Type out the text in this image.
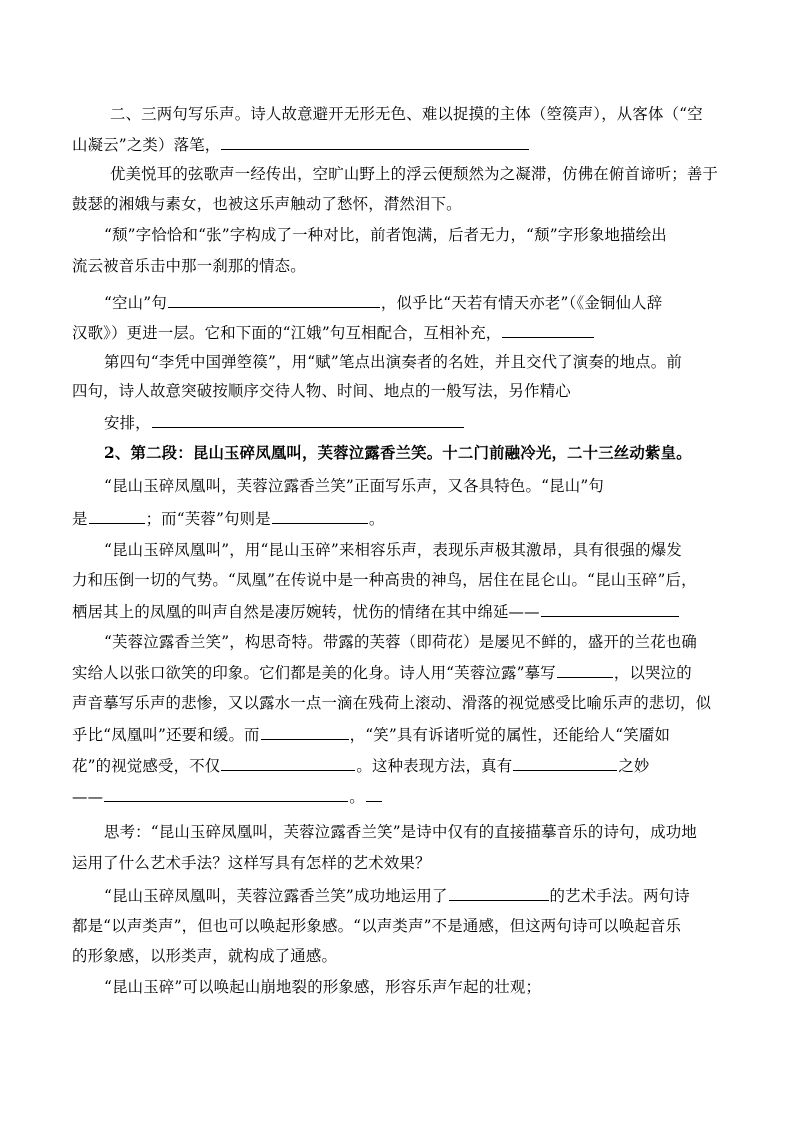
二、三两句写乐声。诗人故意避开无形无色、难以捉摸的主体（箜篌声），从客体（“空
山凝云”之类）落笔，
优美悦耳的弦歌声一经传出，空旷山野上的浮云便颓然为之凝滞，仿佛在俯首谛听；善于
鼓瑟的湘娥与素女，也被这乐声触动了愁怀，潸然泪下。
“颓”字恰恰和“张”字构成了一种对比，前者饱满，后者无力，“颓”字形象地描绘出
流云被音乐击中那一刹那的情态。
“空山”句	，似乎比“天若有情天亦老”（《金铜仙人辞
汉歌》）更进一层。它和下面的“江娥”句互相配合，互相补充，
第四句“李凭中国弹箜篌”，用“赋”笔点出演奏者的名姓，并且交代了演奏的地点。前
四句，诗人故意突破按顺序交待人物、时间、地点的一般写法，另作精心
安排，
2、第二段：昆山玉碎凤凰叫，芙蓉泣露香兰笑。十二门前融冷光，二十三丝动紫皇。
“昆山玉碎凤凰叫，芙蓉泣露香兰笑”正面写乐声，又各具特色。“昆山”句
是	；而“芙蓉”句则是	。
“昆山玉碎凤凰叫”，用“昆山玉碎”来相容乐声，表现乐声极其激昂，具有很强的爆发
力和压倒一切的气势。“凤凰”在传说中是一种高贵的神鸟，居住在昆仑山。“昆山玉碎”后，
栖居其上的凤凰的叫声自然是凄厉婉转，忧伤的情绪在其中绵延——
“芙蓉泣露香兰笑”，构思奇特。带露的芙蓉（即荷花）是屡见不鲜的，盛开的兰花也确
实给人以张口欲笑的印象。它们都是美的化身。诗人用“芙蓉泣露”摹写	，以哭泣的
声音摹写乐声的悲惨，又以露水一点一滴在残荷上滚动、滑落的视觉感受比喻乐声的悲切，似
乎比“凤凰叫”还要和缓。而	，“笑”具有诉诸听觉的属性，还能给人“笑靥如
花”的视觉感受，不仅	。这种表现方法，真有	之妙
——	。
思考：“昆山玉碎凤凰叫，芙蓉泣露香兰笑”是诗中仅有的直接描摹音乐的诗句，成功地
运用了什么艺术手法？这样写具有怎样的艺术效果？
“昆山玉碎凤凰叫，芙蓉泣露香兰笑”成功地运用了	的艺术手法。两句诗
都是“以声类声”，但也可以唤起形象感。“以声类声”不是通感，但这两句诗可以唤起音乐
的形象感，以形类声，就构成了通感。
“昆山玉碎”可以唤起山崩地裂的形象感，形容乐声乍起的壮观；
